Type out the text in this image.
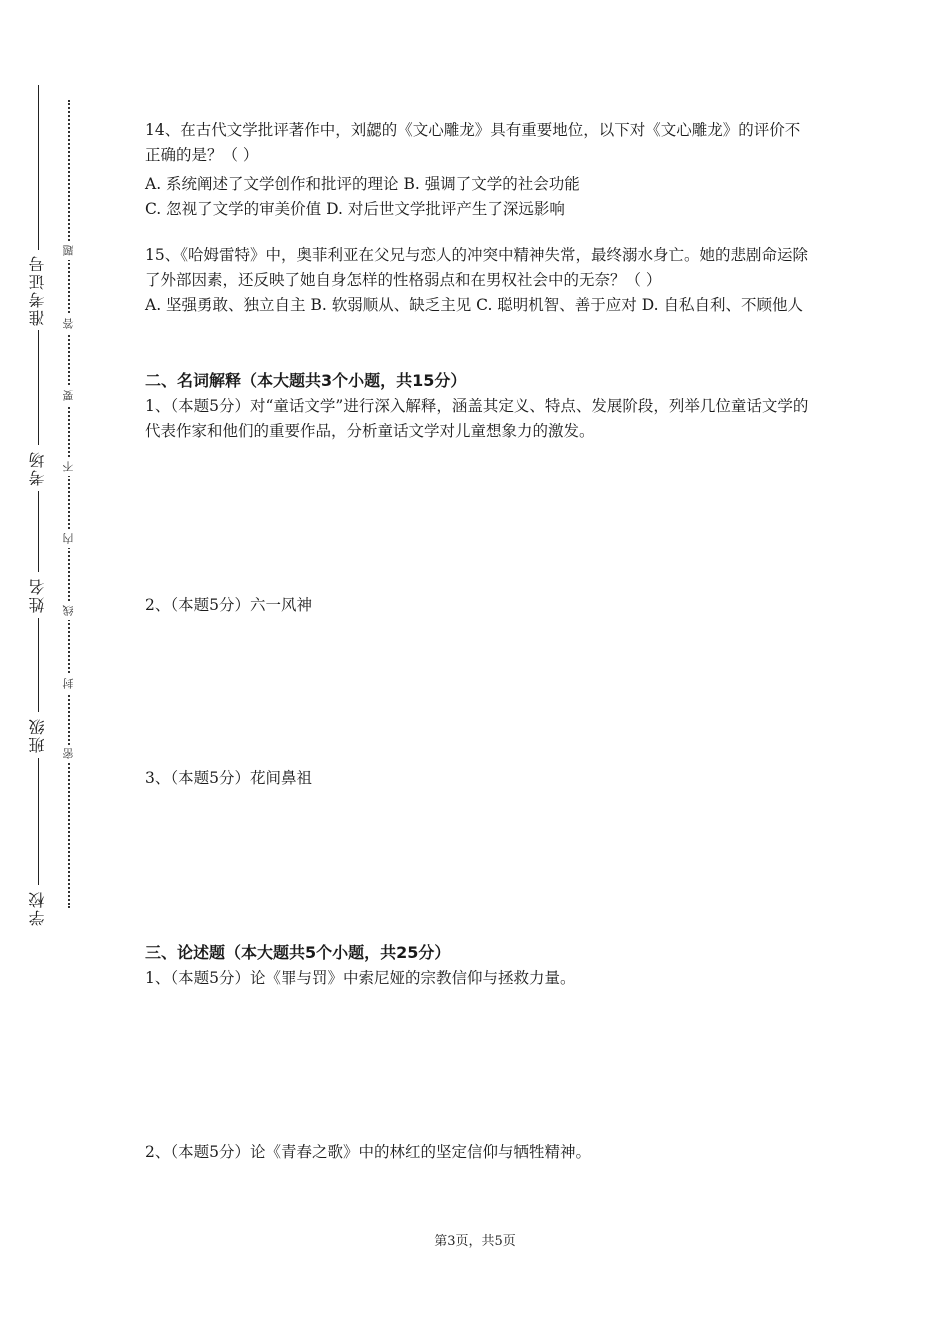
准考证号
考场
姓名
班级
学校
题
答
要
不
内
线
封
密

14、在古代文学批评著作中，刘勰的《文心雕龙》具有重要地位，以下对《文心雕龙》的评价不正确的是？（ ）

A. 系统阐述了文学创作和批评的理论 B. 强调了文学的社会功能

C. 忽视了文学的审美价值 D. 对后世文学批评产生了深远影响

15、《哈姆雷特》中，奥菲利亚在父兄与恋人的冲突中精神失常，最终溺水身亡。她的悲剧命运除了外部因素，还反映了她自身怎样的性格弱点和在男权社会中的无奈？（ ）

A. 坚强勇敢、独立自主 B. 软弱顺从、缺乏主见 C. 聪明机智、善于应对 D. 自私自利、不顾他人

二、名词解释（本大题共3个小题，共15分）

1、（本题5分）对“童话文学”进行深入解释，涵盖其定义、特点、发展阶段，列举几位童话文学的代表作家和他们的重要作品，分析童话文学对儿童想象力的激发。

2、（本题5分）六一风神

3、（本题5分）花间鼻祖

三、论述题（本大题共5个小题，共25分）

1、（本题5分）论《罪与罚》中索尼娅的宗教信仰与拯救力量。

2、（本题5分）论《青春之歌》中的林红的坚定信仰与牺牲精神。

第3页，共5页
